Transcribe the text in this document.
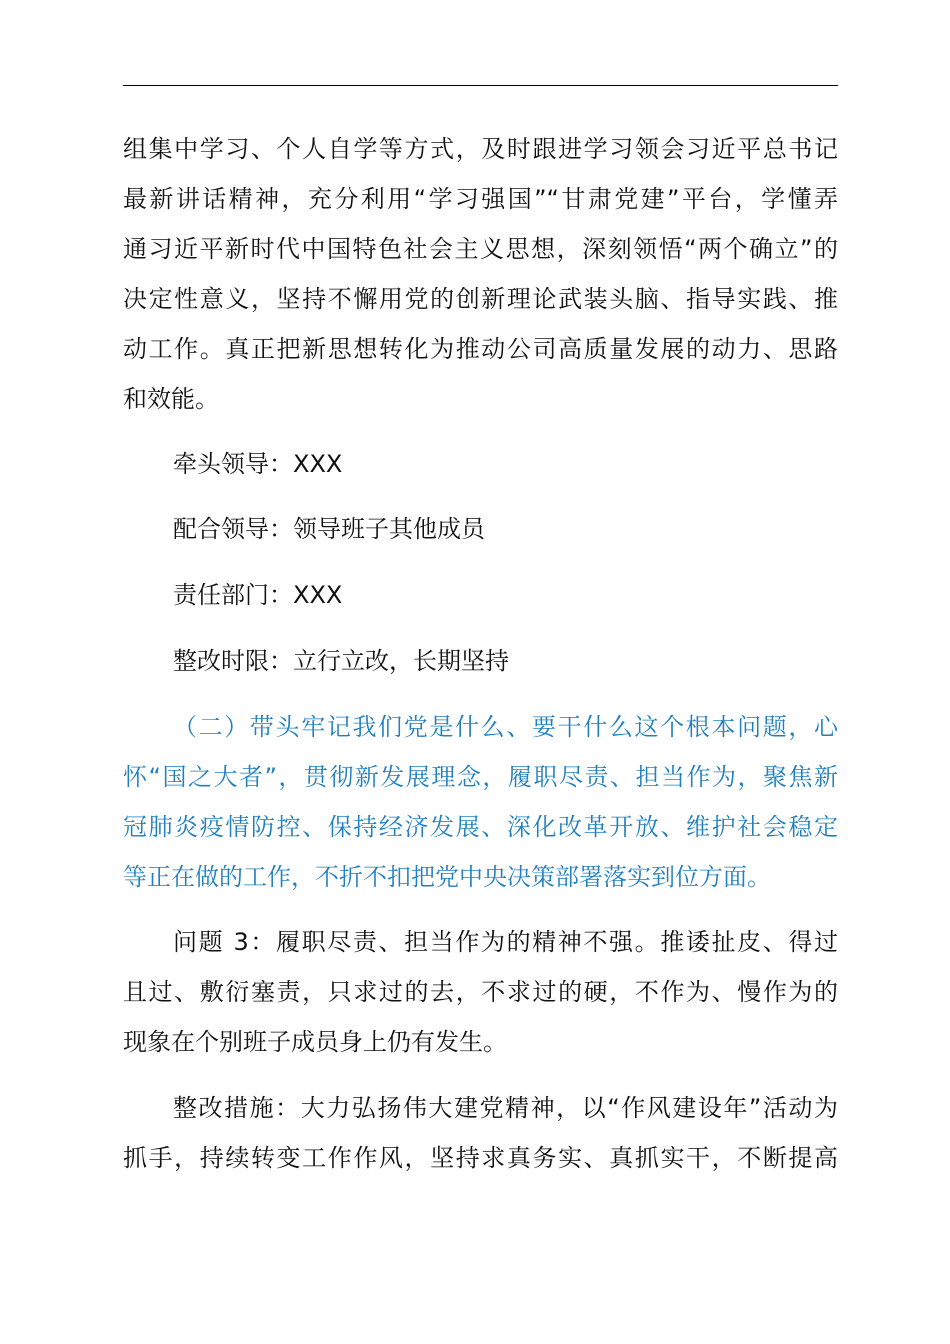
组集中学习、个人自学等方式，及时跟进学习领会习近平总书记
最新讲话精神，充分利用“学习强国”“甘肃党建”平台，学懂弄
通习近平新时代中国特色社会主义思想，深刻领悟“两个确立”的
决定性意义，坚持不懈用党的创新理论武装头脑、指导实践、推
动工作。真正把新思想转化为推动公司高质量发展的动力、思路
和效能。

牵头领导：XXX

配合领导：领导班子其他成员

责任部门：XXX

整改时限：立行立改，长期坚持

（二）带头牢记我们党是什么、要干什么这个根本问题，心
怀“国之大者”，贯彻新发展理念，履职尽责、担当作为，聚焦新
冠肺炎疫情防控、保持经济发展、深化改革开放、维护社会稳定
等正在做的工作，不折不扣把党中央决策部署落实到位方面。

问题 3：履职尽责、担当作为的精神不强。推诿扯皮、得过
且过、敷衍塞责，只求过的去，不求过的硬，不作为、慢作为的
现象在个别班子成员身上仍有发生。

整改措施：大力弘扬伟大建党精神，以“作风建设年”活动为
抓手，持续转变工作作风，坚持求真务实、真抓实干，不断提高
